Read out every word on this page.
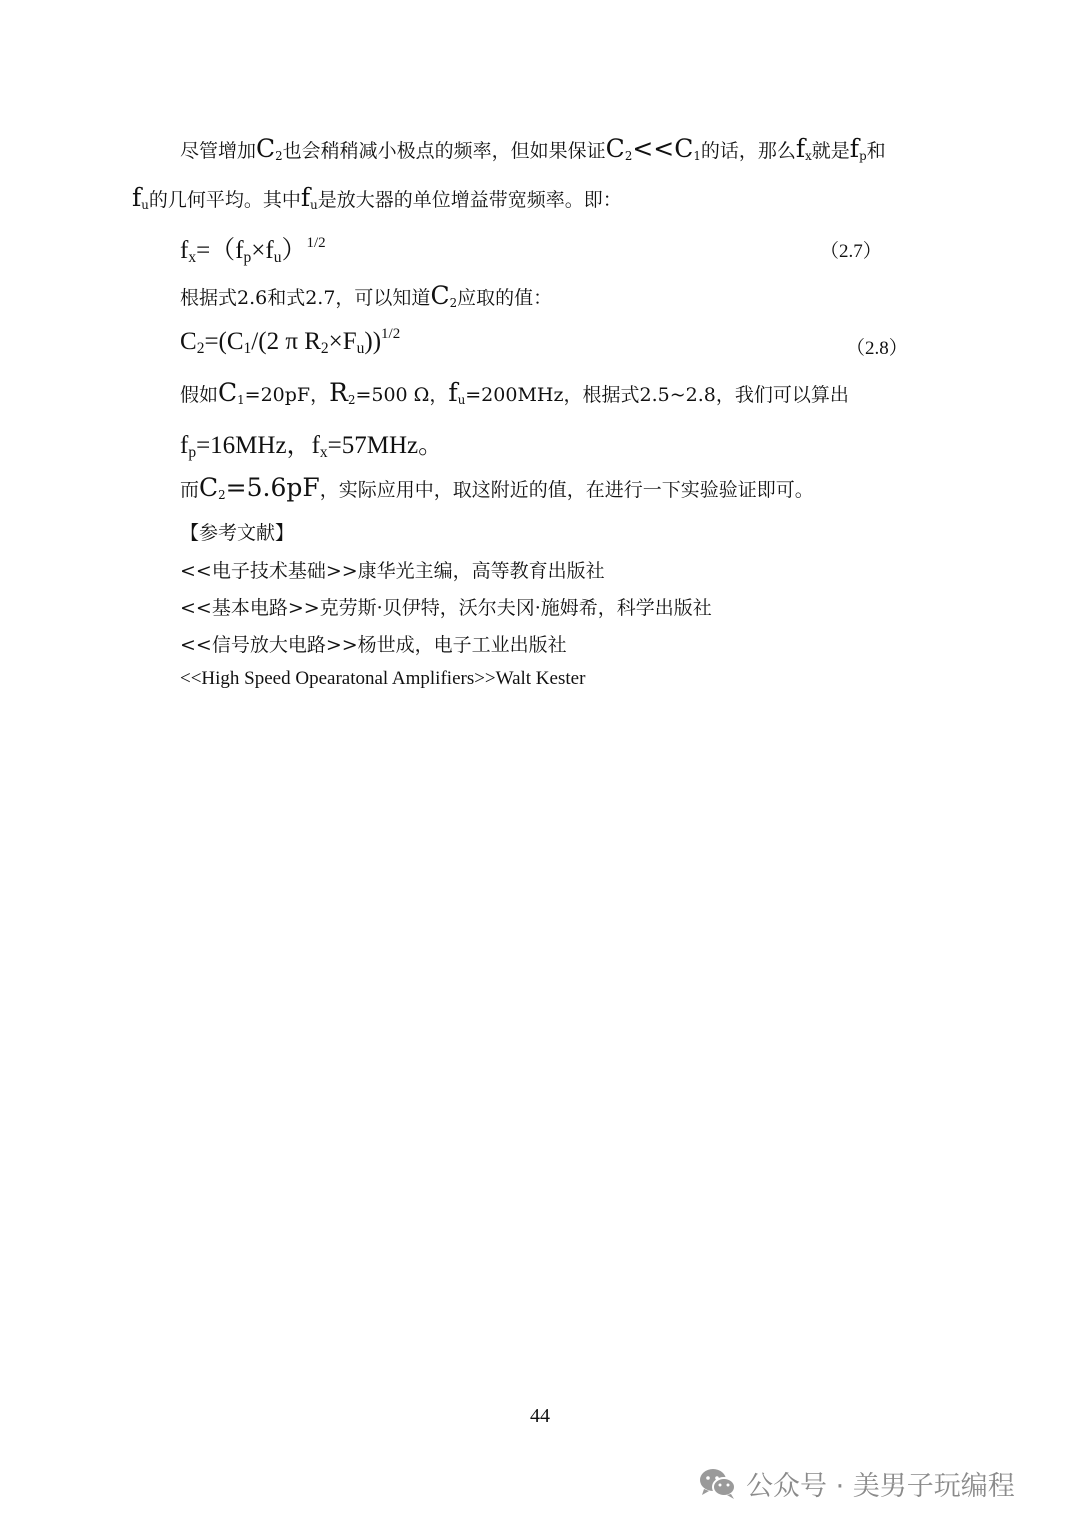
尽管增加$C_2$也会稍稍减小极点的频率，但如果保证$C_2<<C_1$的话，那么$f_x$就是$f_p$和
$f_u$的几何平均。其中$f_u$是放大器的单位增益带宽频率。即：
$f_x=(f_p\times f_u)^{1/2}$	（2.7）
根据式2.6和式2.7，可以知道$C_2$应取的值：
$C_2=(C_1/(2$ π $R_2\times F_u))^{1/2}$
（2.8）
假如$C_1=20pF$，$R_2=500$ Ω，$f_u=200MHz$，根据式2.5~2.8，我们可以算出
$f_p=16MHz$，$f_x=57MHz$。
而$C_2=5.6pF$，实际应用中，取这附近的值，在进行一下实验验证即可。
【参考文献】
<<电子技术基础>>康华光主编，高等教育出版社
<<基本电路>>克劳斯·贝伊特，沃尔夫冈·施姆希，科学出版社
<<信号放大电路>>杨世成，电子工业出版社
<<High Speed Opearatonal Amplifiers>>Walt Kester
44
公众号 · 美男子玩编程
